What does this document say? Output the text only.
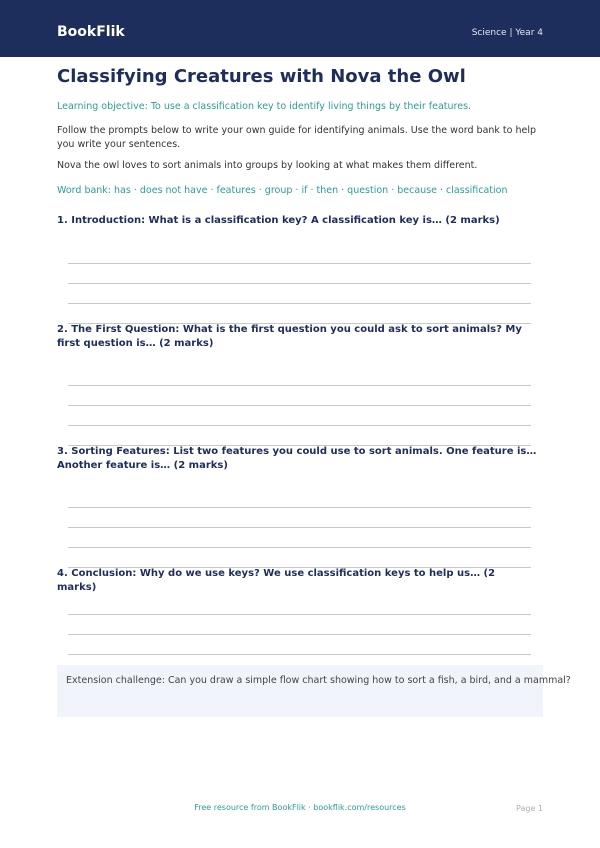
BookFlik	Science | Year 4
Classifying Creatures with Nova the Owl
Learning objective: To use a classification key to identify living things by their features.
Follow the prompts below to write your own guide for identifying animals. Use the word bank to help you write your sentences.
Nova the owl loves to sort animals into groups by looking at what makes them different.
Word bank: has · does not have · features · group · if · then · question · because · classification
1. Introduction: What is a classification key? A classification key is… (2 marks)
2. The First Question: What is the first question you could ask to sort animals? My first question is… (2 marks)
3. Sorting Features: List two features you could use to sort animals. One feature is… Another feature is… (2 marks)
4. Conclusion: Why do we use keys? We use classification keys to help us… (2 marks)
Extension challenge: Can you draw a simple flow chart showing how to sort a fish, a bird, and a mammal?
Free resource from BookFlik · bookflik.com/resources	Page 1
